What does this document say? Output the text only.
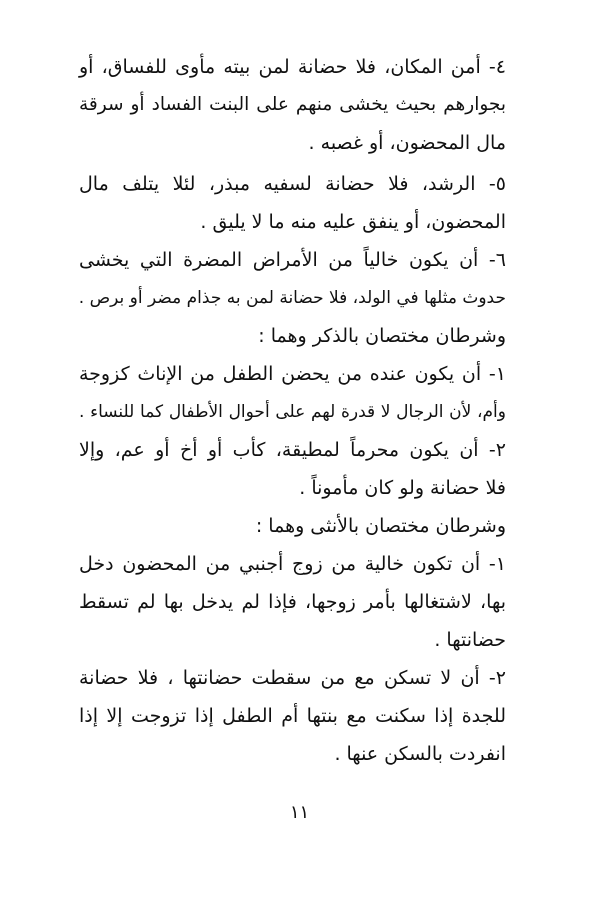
٤- أمن المكان، فلا حضانة لمن بيته مأوى للفساق، أو
بجوارهم بحيث يخشى منهم على البنت الفساد أو سرقة
مال المحضون، أو غصبه .
٥- الرشد، فلا حضانة لسفيه مبذر، لئلا يتلف مال
المحضون، أو ينفق عليه منه ما لا يليق .
٦- أن يكون خالياً من الأمراض المضرة التي يخشى
حدوث مثلها في الولد، فلا حضانة لمن به جذام مضر أو برص .
وشرطان مختصان بالذكر وهما :
١- أن يكون عنده من يحضن الطفل من الإناث كزوجة
وأم، لأن الرجال لا قدرة لهم على أحوال الأطفال كما للنساء .
٢- أن يكون محرماً لمطيقة، كأب أو أخ أو عم، وإلا
فلا حضانة ولو كان مأموناً .
وشرطان مختصان بالأنثى وهما :
١- أن تكون خالية من زوج أجنبي من المحضون دخل
بها، لاشتغالها بأمر زوجها، فإذا لم يدخل بها لم تسقط
حضانتها .
٢- أن لا تسكن مع من سقطت حضانتها ، فلا حضانة
للجدة إذا سكنت مع بنتها أم الطفل إذا تزوجت إلا إذا
انفردت بالسكن عنها .
١١
